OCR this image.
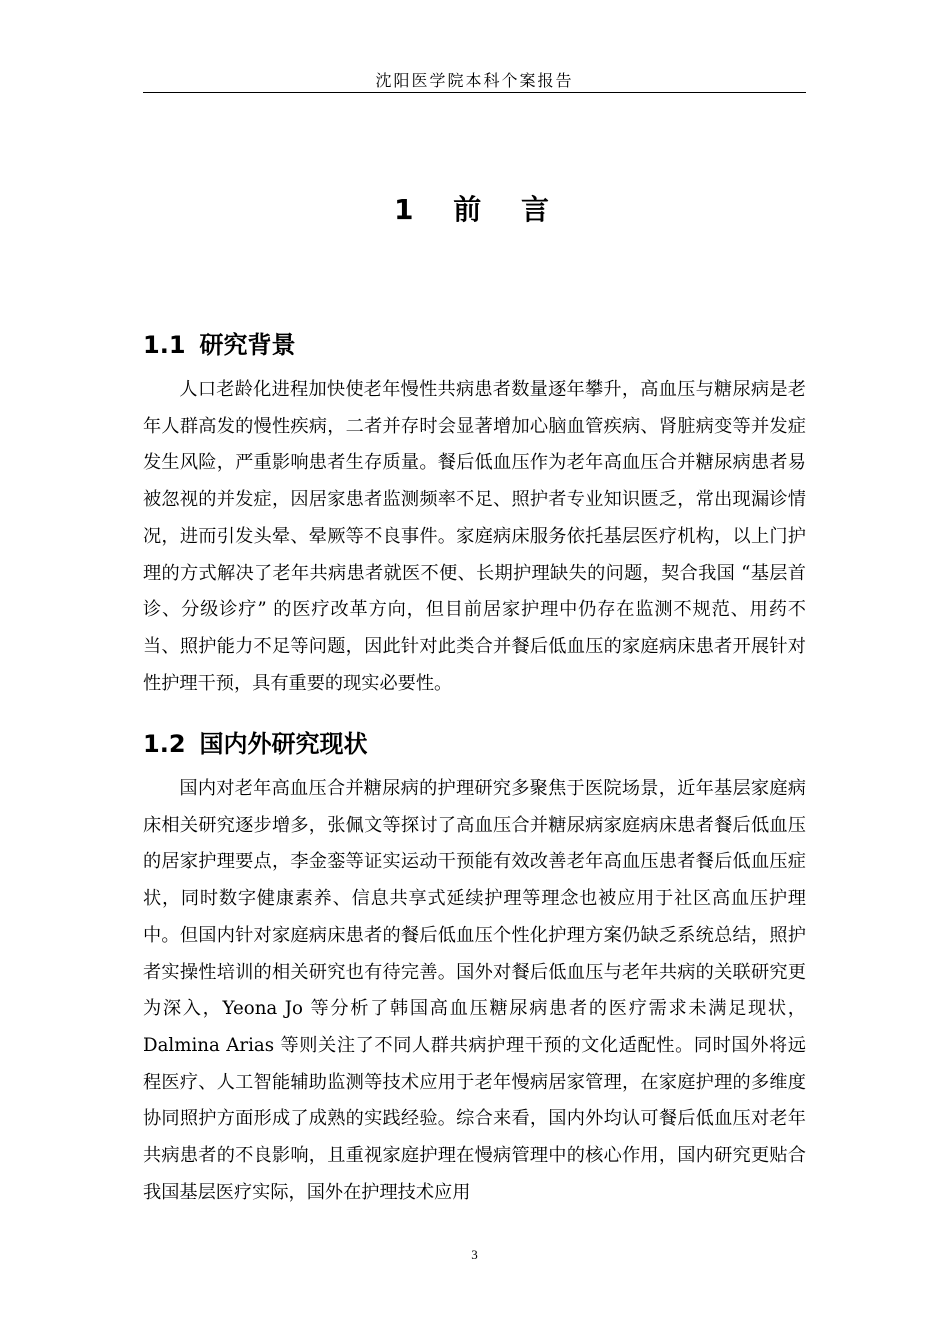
沈阳医学院本科个案报告
1 前 言
1.1 研究背景

人口老龄化进程加快使老年慢性共病患者数量逐年攀升，高血压与糖尿病是老年人群高发的慢性疾病，二者并存时会显著增加心脑血管疾病、肾脏病变等并发症发生风险，严重影响患者生存质量。餐后低血压作为老年高血压合并糖尿病患者易被忽视的并发症，因居家患者监测频率不足、照护者专业知识匮乏，常出现漏诊情况，进而引发头晕、晕厥等不良事件。家庭病床服务依托基层医疗机构，以上门护理的方式解决了老年共病患者就医不便、长期护理缺失的问题，契合我国 “基层首诊、分级诊疗” 的医疗改革方向，但目前居家护理中仍存在监测不规范、用药不当、照护能力不足等问题，因此针对此类合并餐后低血压的家庭病床患者开展针对性护理干预，具有重要的现实必要性。

1.2 国内外研究现状

国内对老年高血压合并糖尿病的护理研究多聚焦于医院场景，近年基层家庭病床相关研究逐步增多，张佩文等探讨了高血压合并糖尿病家庭病床患者餐后低血压的居家护理要点，李金銮等证实运动干预能有效改善老年高血压患者餐后低血压症状，同时数字健康素养、信息共享式延续护理等理念也被应用于社区高血压护理中。但国内针对家庭病床患者的餐后低血压个性化护理方案仍缺乏系统总结，照护者实操性培训的相关研究也有待完善。国外对餐后低血压与老年共病的关联研究更为深入，Yeona Jo 等分析了韩国高血压糖尿病患者的医疗需求未满足现状，Dalmina Arias 等则关注了不同人群共病护理干预的文化适配性。同时国外将远程医疗、人工智能辅助监测等技术应用于老年慢病居家管理，在家庭护理的多维度协同照护方面形成了成熟的实践经验。综合来看，国内外均认可餐后低血压对老年共病患者的不良影响，且重视家庭护理在慢病管理中的核心作用，国内研究更贴合我国基层医疗实际，国外在护理技术应用

3
